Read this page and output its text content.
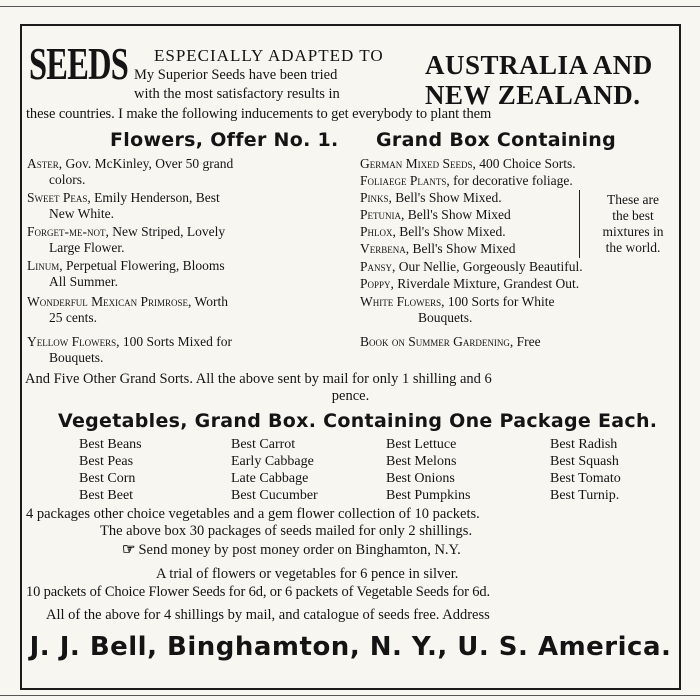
SEEDS ESPECIALLY ADAPTED TO
My Superior Seeds have been tried
with the most satisfactory results in
AUSTRALIA AND
NEW ZEALAND.
these countries. I make the following inducements to get everybody to plant them
Flowers, Offer No. 1. Grand Box Containing
Aster, Gov. McKinley, Over 50 grand
colors.
Sweet Peas, Emily Henderson, Best
New White.
Forget-me-not, New Striped, Lovely
Large Flower.
Linum, Perpetual Flowering, Blooms
All Summer.
Wonderful Mexican Primrose, Worth
25 cents.
Yellow Flowers, 100 Sorts Mixed for
Bouquets.
German Mixed Seeds, 400 Choice Sorts.
Foliaege Plants, for decorative foliage.
Pinks, Bell's Show Mixed.
Petunia, Bell's Show Mixed
Phlox, Bell's Show Mixed.
Verbena, Bell's Show Mixed
These are
the best
mixtures in
the world.
Pansy, Our Nellie, Gorgeously Beautiful.
Poppy, Riverdale Mixture, Grandest Out.
White Flowers, 100 Sorts for White
Bouquets.
Book on Summer Gardening, Free
And Five Other Grand Sorts. All the above sent by mail for only 1 shilling and 6
pence.
Vegetables, Grand Box. Containing One Package Each.
Best Beans
Best Peas
Best Corn
Best Beet
Best Carrot
Early Cabbage
Late Cabbage
Best Cucumber
Best Lettuce
Best Melons
Best Onions
Best Pumpkins
Best Radish
Best Squash
Best Tomato
Best Turnip.
4 packages other choice vegetables and a gem flower collection of 10 packets.
The above box 30 packages of seeds mailed for only 2 shillings.
☞ Send money by post money order on Binghamton, N.Y.
A trial of flowers or vegetables for 6 pence in silver.
10 packets of Choice Flower Seeds for 6d, or 6 packets of Vegetable Seeds for 6d.
All of the above for 4 shillings by mail, and catalogue of seeds free. Address
J. J. Bell, Binghamton, N. Y., U. S. America.
